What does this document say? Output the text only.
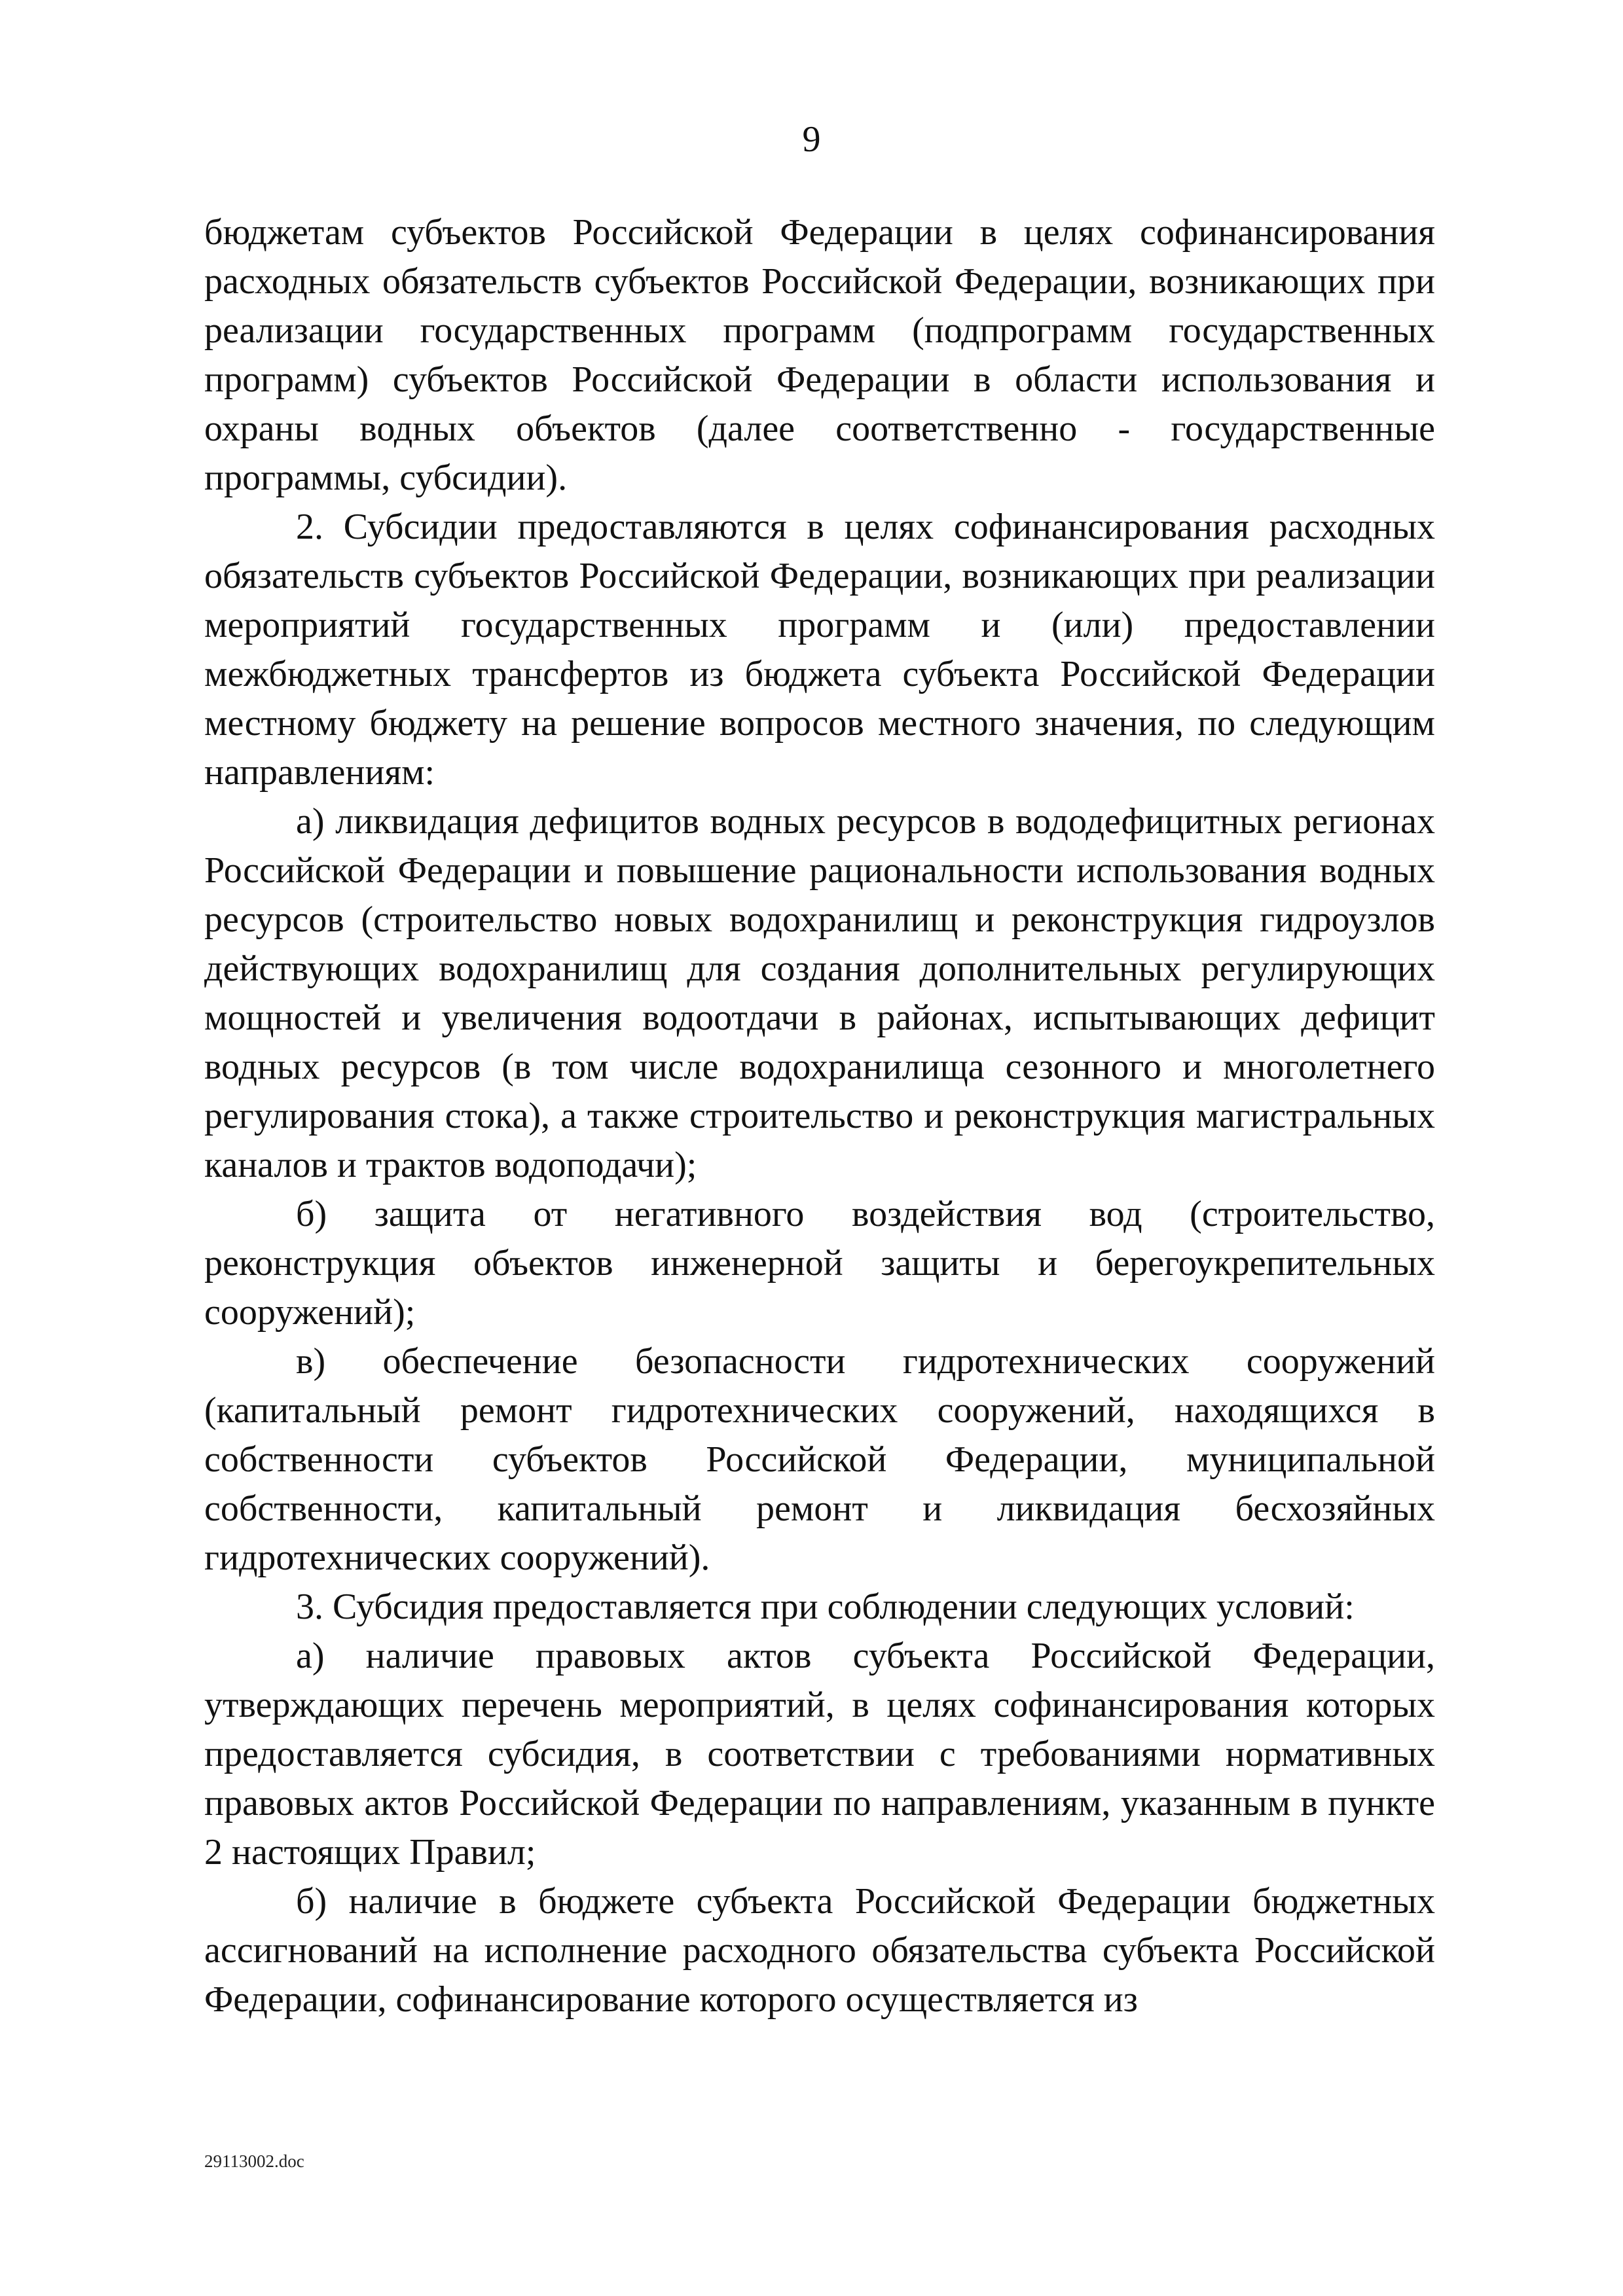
9

бюджетам субъектов Российской Федерации в целях софинансирования расходных обязательств субъектов Российской Федерации, возникающих при реализации государственных программ (подпрограмм государственных программ) субъектов Российской Федерации в области использования и охраны водных объектов (далее соответственно - государственные программы, субсидии).

2. Субсидии предоставляются в целях софинансирования расходных обязательств субъектов Российской Федерации, возникающих при реализации мероприятий государственных программ и (или) предоставлении межбюджетных трансфертов из бюджета субъекта Российской Федерации местному бюджету на решение вопросов местного значения, по следующим направлениям:

а) ликвидация дефицитов водных ресурсов в вододефицитных регионах Российской Федерации и повышение рациональности использования водных ресурсов (строительство новых водохранилищ и реконструкция гидроузлов действующих водохранилищ для создания дополнительных регулирующих мощностей и увеличения водоотдачи в районах, испытывающих дефицит водных ресурсов (в том числе водохранилища сезонного и многолетнего регулирования стока), а также строительство и реконструкция магистральных каналов и трактов водоподачи);

б) защита от негативного воздействия вод (строительство, реконструкция объектов инженерной защиты и берегоукрепительных сооружений);

в) обеспечение безопасности гидротехнических сооружений (капитальный ремонт гидротехнических сооружений, находящихся в собственности субъектов Российской Федерации, муниципальной собственности, капитальный ремонт и ликвидация бесхозяйных гидротехнических сооружений).

3. Субсидия предоставляется при соблюдении следующих условий:

а) наличие правовых актов субъекта Российской Федерации, утверждающих перечень мероприятий, в целях софинансирования которых предоставляется субсидия, в соответствии с требованиями нормативных правовых актов Российской Федерации по направлениям, указанным в пункте 2 настоящих Правил;

б) наличие в бюджете субъекта Российской Федерации бюджетных ассигнований на исполнение расходного обязательства субъекта Российской Федерации, софинансирование которого осуществляется из

29113002.doc
